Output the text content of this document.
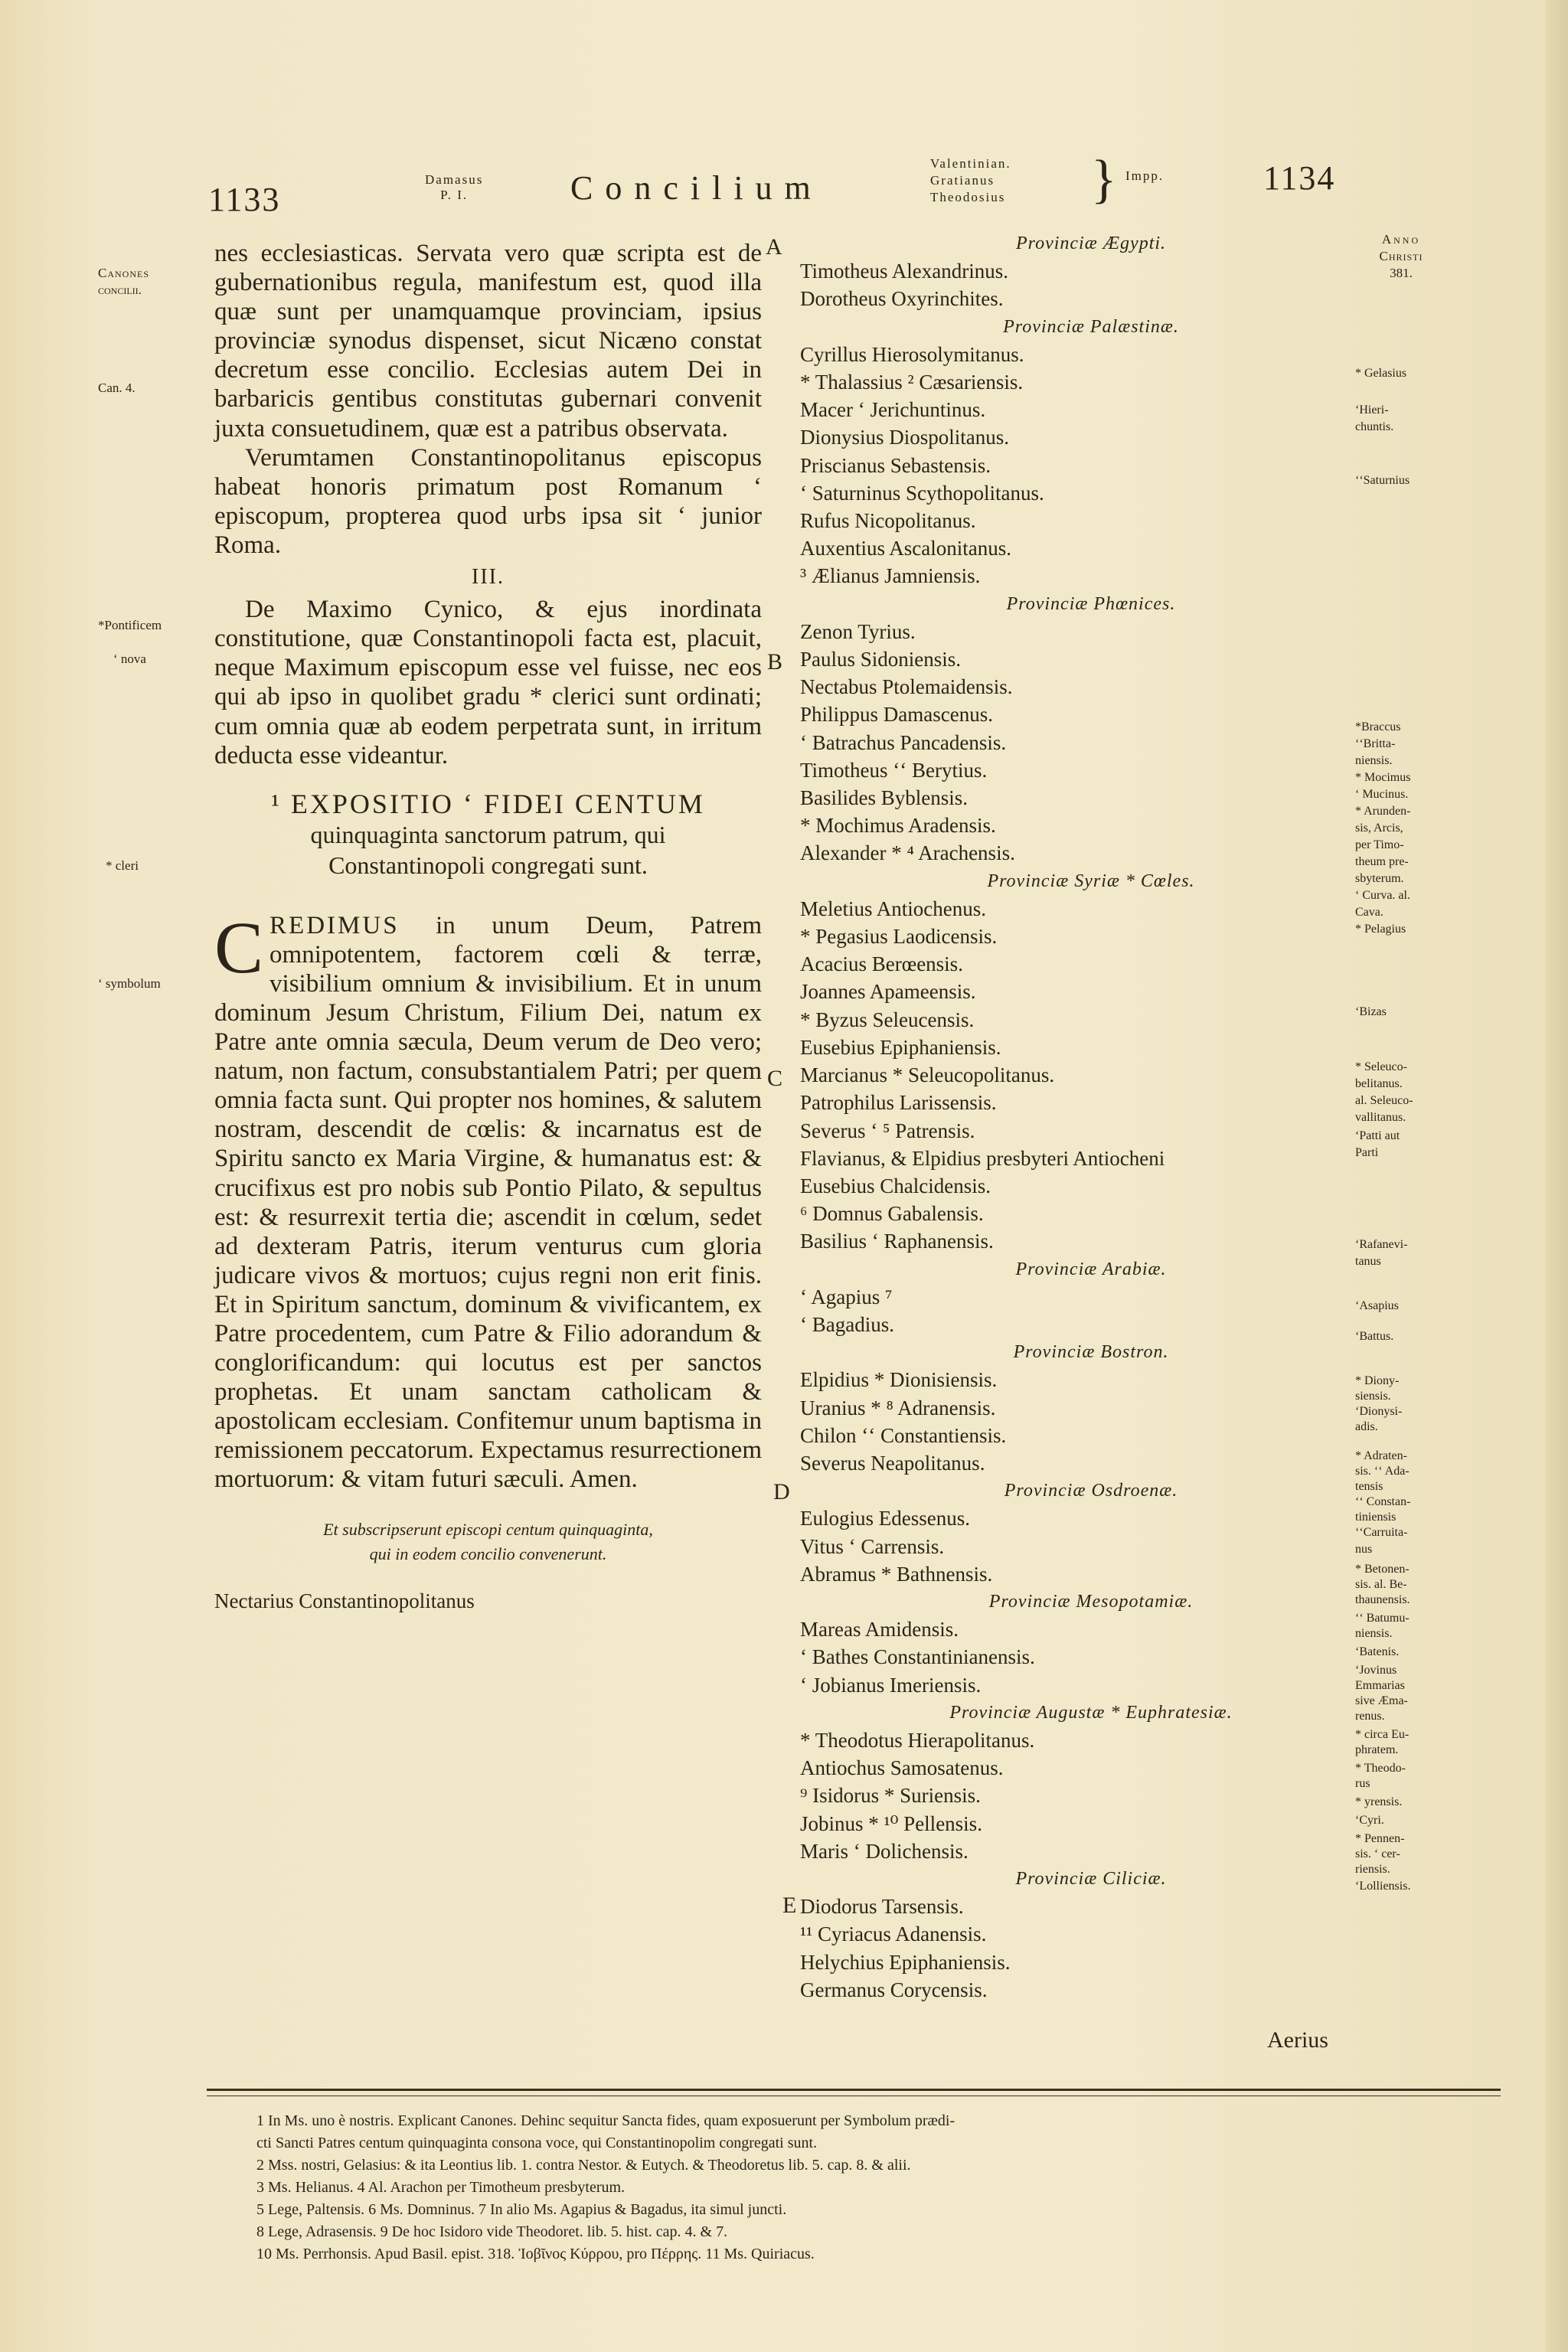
1133
Damasus
P. I.	Concilium
Valentinian.
Gratianus
Theodosius } Impp.	1134
Canones
concilii.
Can. 4.
*Pontificem
ʻ nova
* cleri
ʻ symbolum
A
B
C
D
E

nes ecclesiasticas. Servata vero quæ scripta est de gubernationibus regula, manifestum est, quod illa quæ sunt per unamquamque provinciam, ipsius provinciæ synodus dispenset, sicut Nicæno constat decretum esse concilio. Ecclesias autem Dei in barbaricis gentibus constitutas gubernari convenit juxta consuetudinem, quæ est a patribus observata.

Verumtamen Constantinopolitanus episcopus habeat honoris primatum post Romanum ʻ episcopum, propterea quod urbs ipsa sit ʻ junior Roma.

III.

De Maximo Cynico, & ejus inordinata constitutione, quæ Constantinopoli facta est, placuit, neque Maximum episcopum esse vel fuisse, nec eos qui ab ipso in quolibet gradu * clerici sunt ordinati; cum omnia quæ ab eodem perpetrata sunt, in irritum deducta esse videantur.

¹ EXPOSITIO ʻ FIDEI CENTUM
quinquaginta sanctorum patrum, qui
Constantinopoli congregati sunt.
C REDIMUS in unum Deum, Patrem omnipotentem, factorem cœli & terræ, visibilium omnium & invisibilium. Et in unum dominum Jesum Christum, Filium Dei, natum ex Patre ante omnia sæcula, Deum verum de Deo vero; natum, non factum, consubstantialem Patri; per quem omnia facta sunt. Qui propter nos homines, & salutem nostram, descendit de cœlis: & incarnatus est de Spiritu sancto ex Maria Virgine, & humanatus est: & crucifixus est pro nobis sub Pontio Pilato, & sepultus est: & resurrexit tertia die; ascendit in cœlum, sedet ad dexteram Patris, iterum venturus cum gloria judicare vivos & mortuos; cujus regni non erit finis. Et in Spiritum sanctum, dominum & vivificantem, ex Patre procedentem, cum Patre & Filio adorandum & conglorificandum: qui locutus est per sanctos prophetas. Et unam sanctam catholicam & apostolicam ecclesiam. Confitemur unum baptisma in remissionem peccatorum. Expectamus resurrectionem mortuorum: & vitam futuri sæculi. Amen.
Et subscripserunt episcopi centum quinquaginta,
qui in eodem concilio convenerunt.
Nectarius Constantinopolitanus
Provinciæ Ægypti.
Timotheus Alexandrinus.
Dorotheus Oxyrinchites.
Provinciæ Palæstinæ.
Cyrillus Hierosolymitanus.
* Thalassius ² Cæsariensis.
Macer ʻ Jerichuntinus.
Dionysius Diospolitanus.
Priscianus Sebastensis.
ʻ Saturninus Scythopolitanus.
Rufus Nicopolitanus.
Auxentius Ascalonitanus.
³ Ælianus Jamniensis.
Provinciæ Phœnices.
Zenon Tyrius.
Paulus Sidoniensis.
Nectabus Ptolemaidensis.
Philippus Damascenus.
ʻ Batrachus Pancadensis.
Timotheus ʻʻ Berytius.
Basilides Byblensis.
* Mochimus Aradensis.
Alexander * ⁴ Arachensis.
Provinciæ Syriæ * Cœles.
Meletius Antiochenus.
* Pegasius Laodicensis.
Acacius Berœensis.
Joannes Apameensis.
* Byzus Seleucensis.
Eusebius Epiphaniensis.
Marcianus * Seleucopolitanus.
Patrophilus Larissensis.
Severus ʻ ⁵ Patrensis.
Flavianus, & Elpidius presbyteri Antiocheni
Eusebius Chalcidensis.
⁶ Domnus Gabalensis.
Basilius ʻ Raphanensis.
Provinciæ Arabiæ.
ʻ Agapius ⁷
ʻ Bagadius.
Provinciæ Bostron.
Elpidius * Dionisiensis.
Uranius * ⁸ Adranensis.
Chilon ʻʻ Constantiensis.
Severus Neapolitanus.
Provinciæ Osdroenæ.
Eulogius Edessenus.
Vitus ʻ Carrensis.
Abramus * Bathnensis.
Provinciæ Mesopotamiæ.
Mareas Amidensis.
ʻ Bathes Constantinianensis.
ʻ Jobianus Imeriensis.
Provinciæ Augustæ * Euphratesiæ.
* Theodotus Hierapolitanus.
Antiochus Samosatenus.
⁹ Isidorus * Suriensis.
Jobinus * ¹⁰ Pellensis.
Maris ʻ Dolichensis.
Provinciæ Ciliciæ.
Diodorus Tarsensis.
¹¹ Cyriacus Adanensis.
Helychius Epiphaniensis.
Germanus Corycensis.
Aerius
Anno
Christi
381.
* Gelasius
ʻHieri-
chuntis.
ʻʻSaturnius
*Braccus
ʻʻBritta-
niensis.
* Mocimus
ʻ Mucinus.
* Arunden-
sis, Arcis,
per Timo-
theum pre-
sbyterum.
ʻ Curva. al.
Cava.
* Pelagius
ʻBizas
* Seleuco-
belitanus.
al. Seleuco-
vallitanus.
ʻPatti aut
Parti
ʻRafanevi-
tanus
ʻAsapius
ʻBattus.
* Diony-
siensis.
ʻDionysi-
adis.
* Adraten-
sis. ʻʻ Ada-
tensis
ʻʻ Constan-
tiniensis
ʻʻCarruita-
nus
* Betonen-
sis. al. Be-
thaunensis.
ʻʻ Batumu-
niensis.
ʻBatenis.
ʻJovinus
Emmarias
sive Æma-
renus.
* circa Eu-
phratem.
* Theodo-
rus
* yrensis.
ʻCyri.
* Pennen-
sis. ʻ cer-
riensis.
ʻLolliensis.
1 In Ms. uno è nostris. Explicant Canones. Dehinc sequitur Sancta fides, quam exposuerunt per Symbolum prædi-
cti Sancti Patres centum quinquaginta consona voce, qui Constantinopolim congregati sunt.
2 Mss. nostri, Gelasius: & ita Leontius lib. 1. contra Nestor. & Eutych. & Theodoretus lib. 5. cap. 8. & alii.
3 Ms. Helianus. 4 Al. Arachon per Timotheum presbyterum.
5 Lege, Paltensis. 6 Ms. Domninus. 7 In alio Ms. Agapius & Bagadus, ita simul juncti.
8 Lege, Adrasensis. 9 De hoc Isidoro vide Theodoret. lib. 5. hist. cap. 4. & 7.
10 Ms. Perrhonsis. Apud Basil. epist. 318. Ἰοβῖνος Κύρρου, pro Πέρρης. 11 Ms. Quiriacus.
